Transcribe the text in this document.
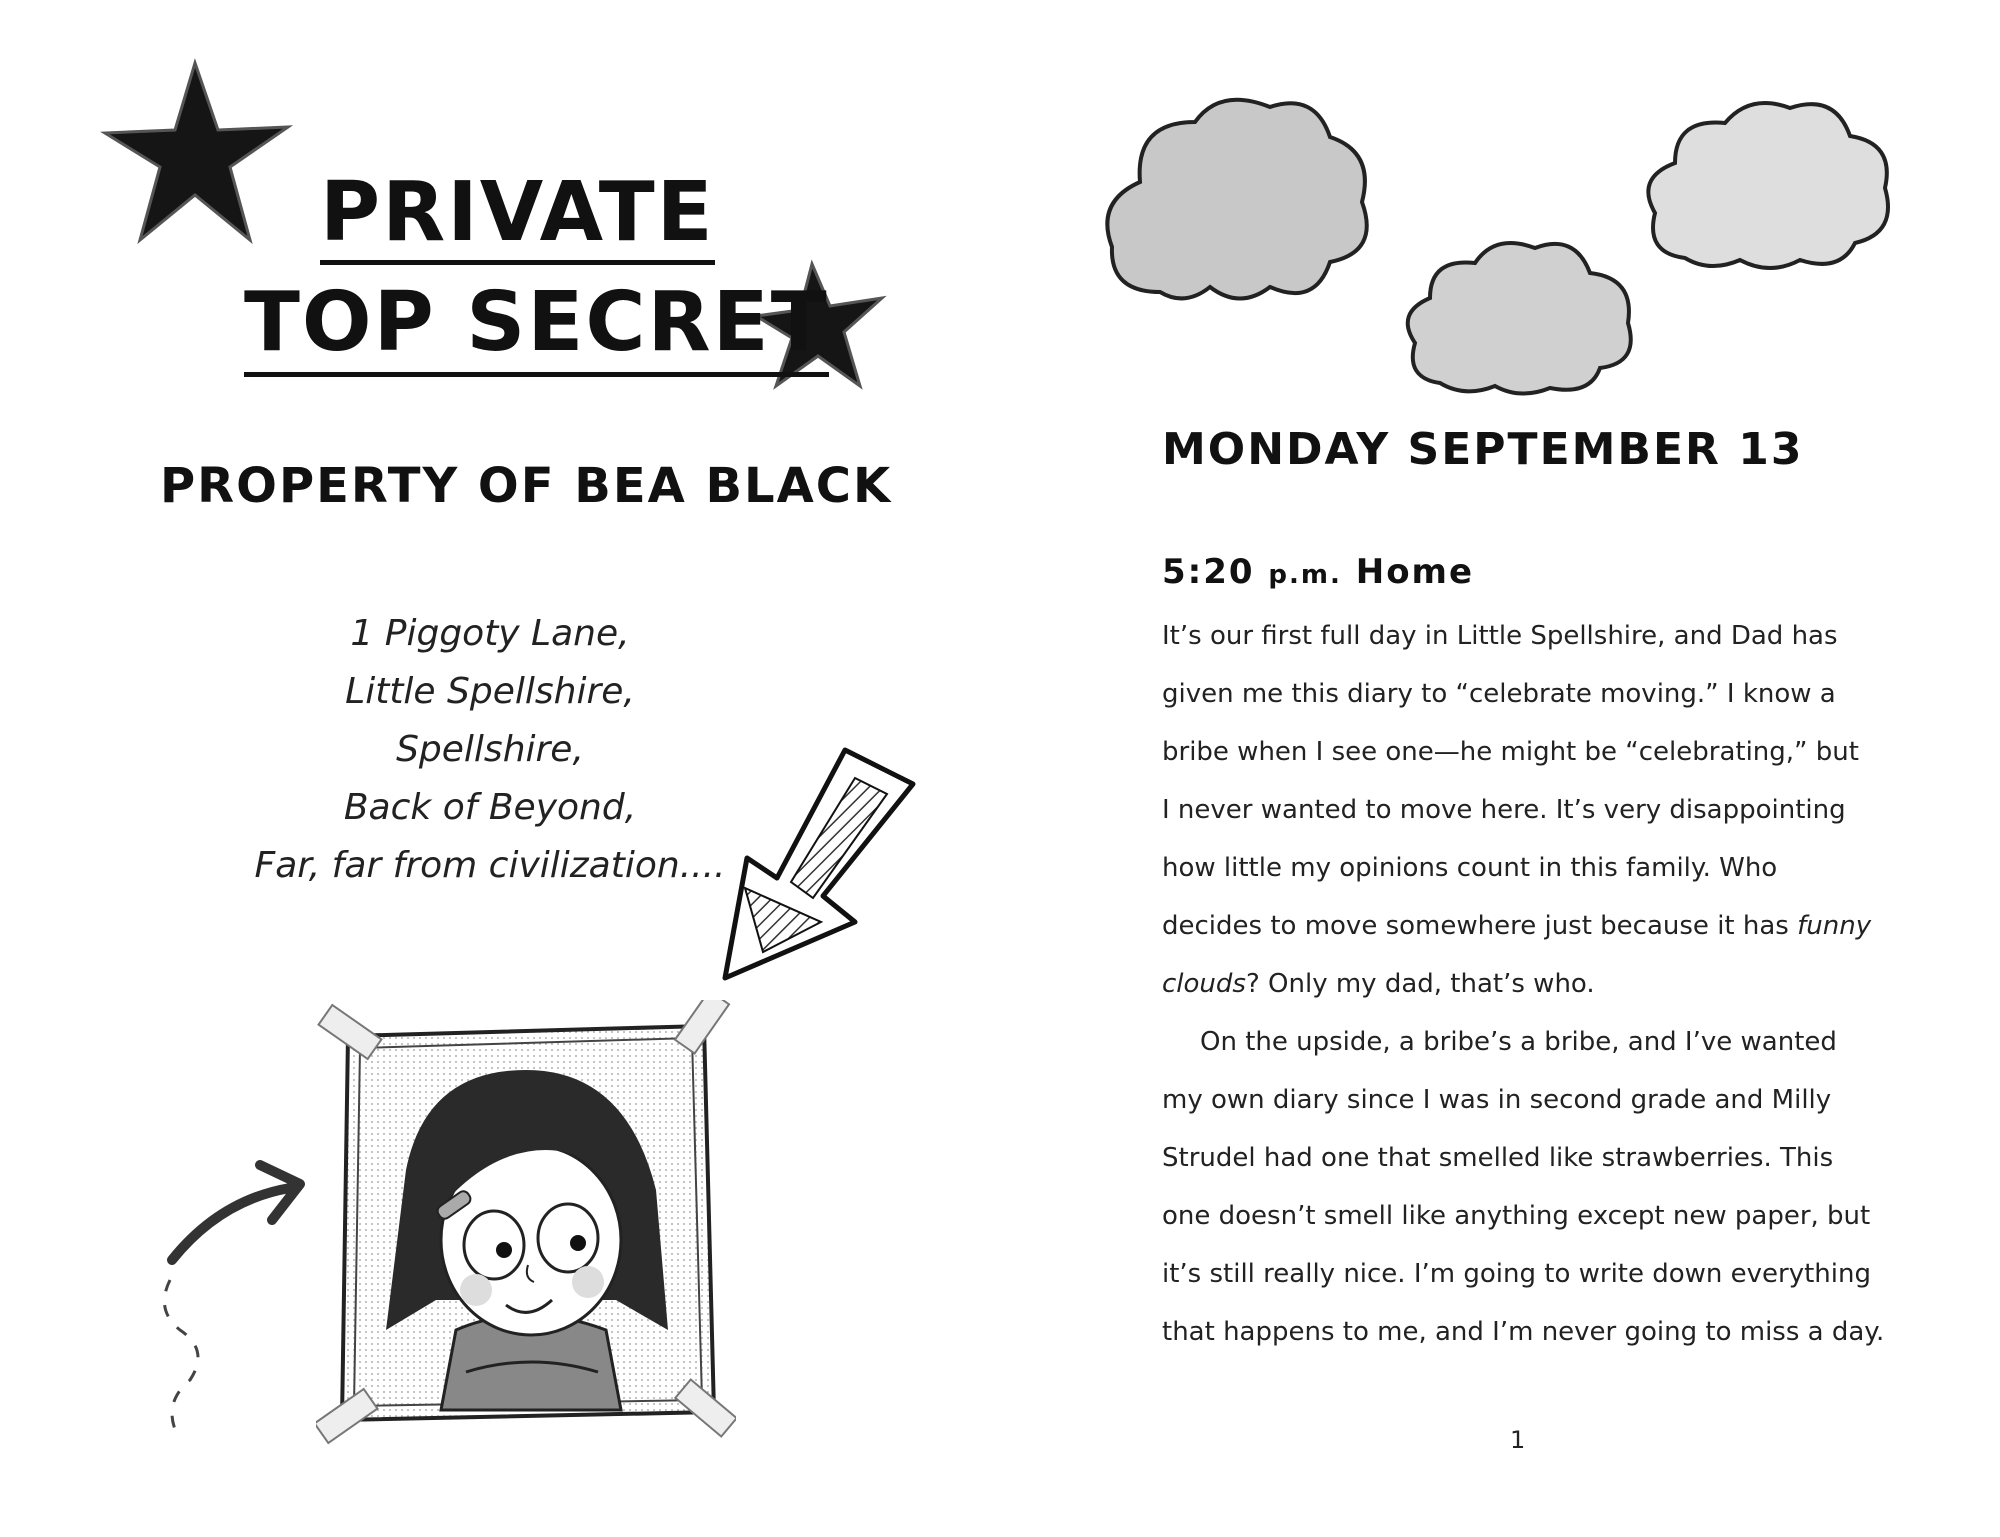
PRIVATE
TOP SECRET
PROPERTY OF BEA BLACK
1 Piggoty Lane,
Little Spellshire,
Spellshire,
Back of Beyond,
Far, far from civilization....
MONDAY SEPTEMBER 13
5:20 p.m. Home

It’s our first full day in Little Spellshire, and Dad has
given me this diary to “celebrate moving.” I know a
bribe when I see one—he might be “celebrating,” but
I never wanted to move here. It’s very disappointing
how little my opinions count in this family. Who
decides to move somewhere just because it has funny
clouds? Only my dad, that’s who.

On the upside, a bribe’s a bribe, and I’ve wanted
my own diary since I was in second grade and Milly
Strudel had one that smelled like strawberries. This
one doesn’t smell like anything except new paper, but
it’s still really nice. I’m going to write down everything
that happens to me, and I’m never going to miss a day.

1
